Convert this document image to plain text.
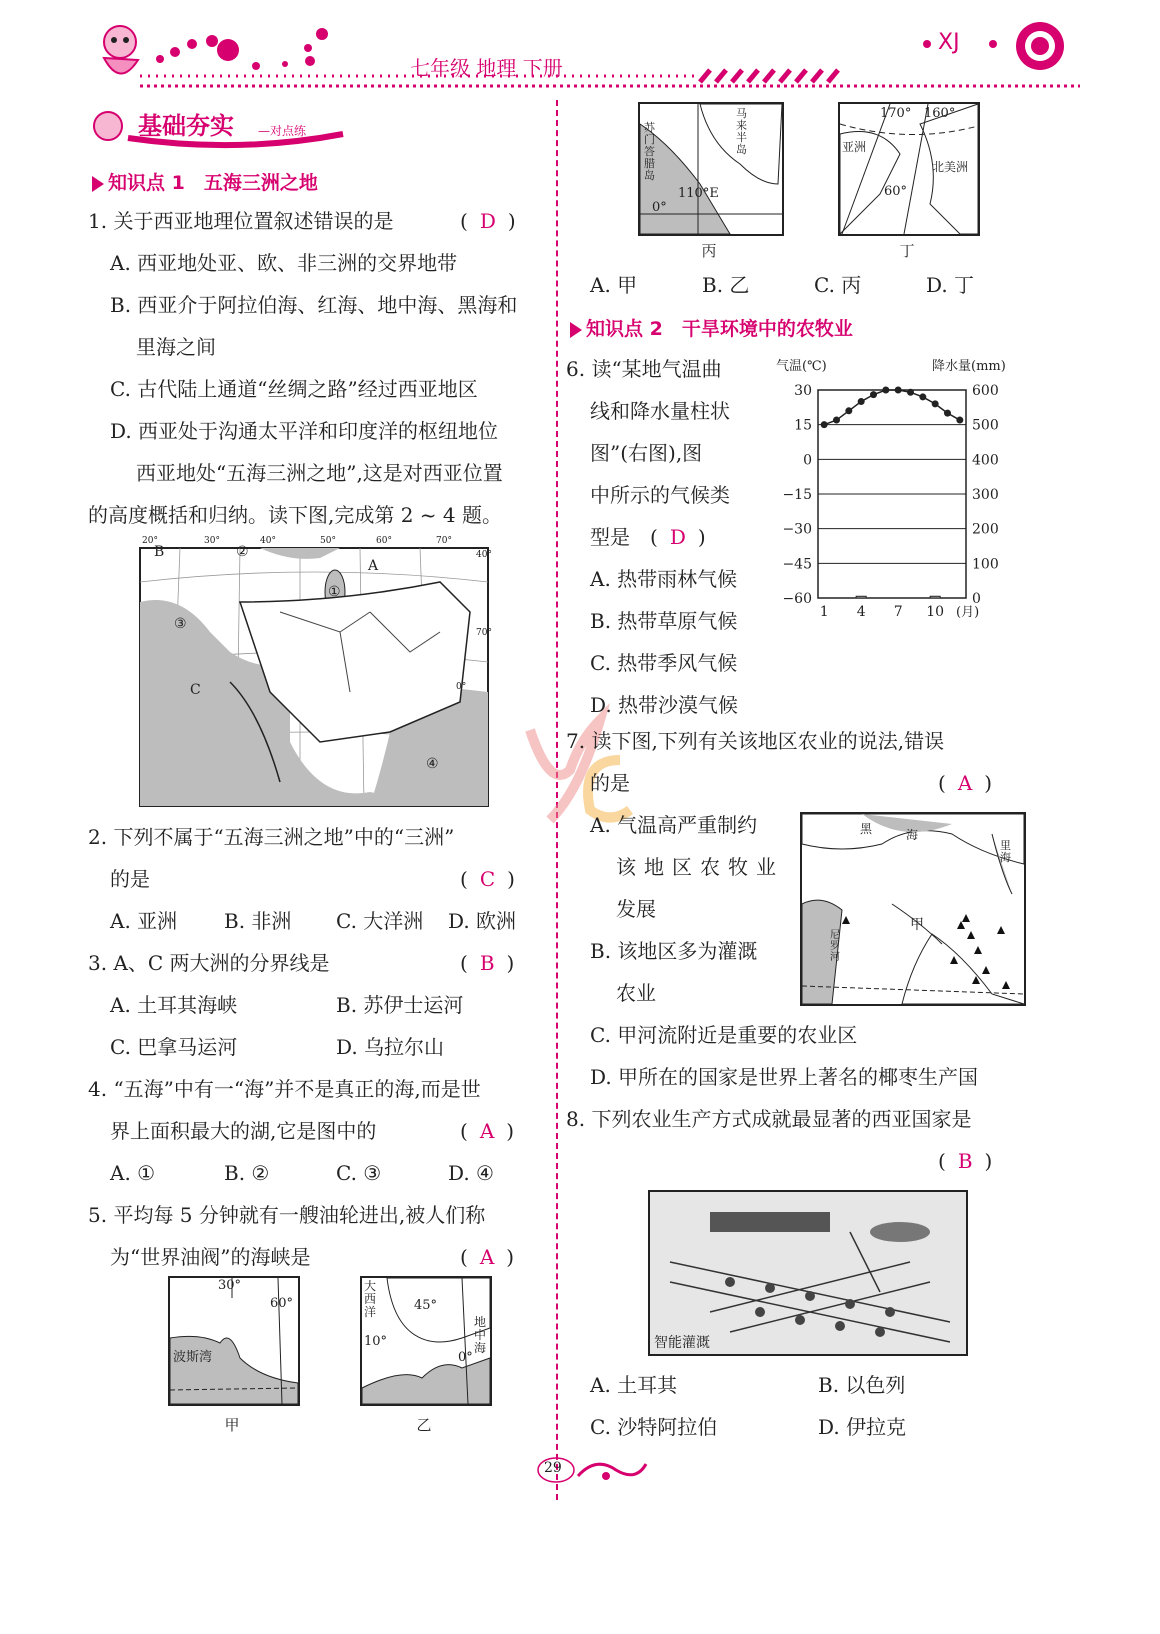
七年级 地理 下册
XJ
基础夯实 —对点练
知识点 1　五海三洲之地
1. 关于西亚地理位置叙述错误的是	( D )
A. 西亚地处亚、欧、非三洲的交界地带
B. 西亚介于阿拉伯海、红海、地中海、黑海和
里海之间
C. 古代陆上通道“丝绸之路”经过西亚地区
D. 西亚处于沟通太平洋和印度洋的枢纽地位
西亚地处“五海三洲之地”,这是对西亚位置
的高度概括和归纳。读下图,完成第 2 ~ 4 题。
B	②
A
①
③
C
④
20°	30°	40°	50°	60°	70°
40°
70°
0°
2. 下列不属于“五海三洲之地”中的“三洲”
的是	( C )
A. 亚洲 B. 非洲 C. 大洋洲 D. 欧洲
3. A、C 两大洲的分界线是	( B )
A. 土耳其海峡	B. 苏伊士运河
C. 巴拿马运河	D. 乌拉尔山
4. “五海”中有一“海”并不是真正的海,而是世
界上面积最大的湖,它是图中的	( A )
A. ①	B. ②	C. ③	D. ④
5. 平均每 5 分钟就有一艘油轮进出,被人们称
为“世界油阀”的海峡是	( A )
30°
60°
波斯湾
甲
大西洋	45°
10°
地中海
0°
乙
苏门答腊岛
马来半岛
110°E
0°
丙
170° 160°
亚洲
北美洲
60°
丁
A. 甲	B. 乙	C. 丙	D. 丁
知识点 2　干旱环境中的农牧业
6. 读“某地气温曲
线和降水量柱状
图”(右图),图
中所示的气候类
型是　( D )
A. 热带雨林气候
B. 热带草原气候
C. 热带季风气候
D. 热带沙漠气候
气温(℃)	降水量(mm)
30	600
15	500
0	400
−15	300
−30	200
−45	100
−60	0
1 4 7 10 (月)
7. 读下图,下列有关该地区农业的说法,错误
的是	( A )
A. 气温高严重制约
该地区农牧业
发展
B. 该地区多为灌溉
农业
C. 甲河流附近是重要的农业区
D. 甲所在的国家是世界上著名的椰枣生产国
8. 下列农业生产方式成就最显著的西亚国家是
( B )
黑	海
里海
甲
尼罗河
智能灌溉
A. 土耳其	B. 以色列
C. 沙特阿拉伯	D. 伊拉克
29
